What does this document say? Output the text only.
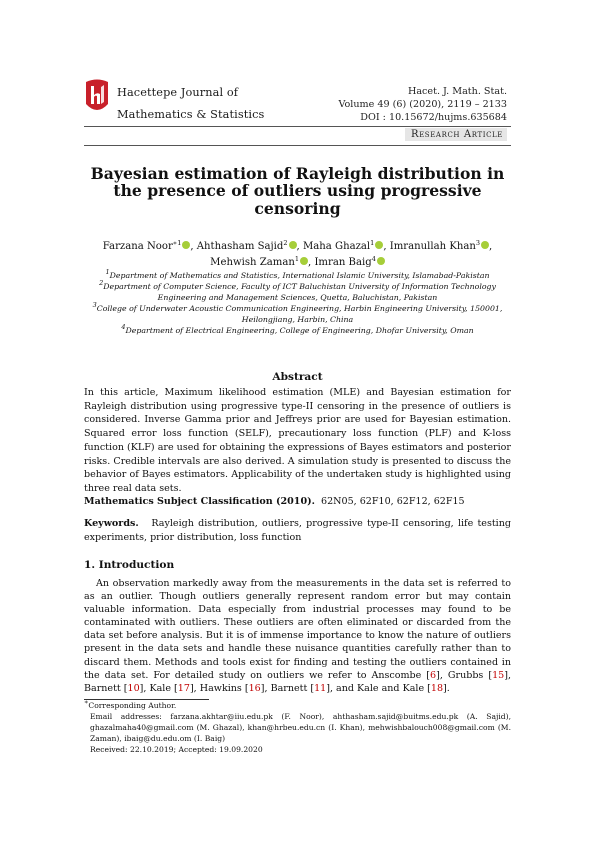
Hacettepe Journal of
Mathematics & Statistics
Hacet. J. Math. Stat.
Volume 49 (6) (2020), 2119 – 2133
DOI : 10.15672/hujms.635684
Research Article
Bayesian estimation of Rayleigh distribution in
the presence of outliers using progressive
censoring
Farzana Noor$^{∗1}$ , Ahthasham Sajid$^2$ , Maha Ghazal$^1$ , Imranullah Khan$^3$ ,
Mehwish Zaman$^1$ , Imran Baig$^4$

$^1$Department of Mathematics and Statistics, International Islamic University, Islamabad-Pakistan

$^2$Department of Computer Science, Faculty of ICT Baluchistan University of Information Technology

Engineering and Management Sciences, Quetta, Baluchistan, Pakistan

$^3$College of Underwater Acoustic Communication Engineering, Harbin Engineering University, 150001,

Heilongjiang, Harbin, China

$^4$Department of Electrical Engineering, College of Engineering, Dhofar University, Oman

Abstract
In this article, Maximum likelihood estimation (MLE) and Bayesian estimation for Rayleigh distribution using progressive type-II censoring in the presence of outliers is considered. Inverse Gamma prior and Jeffreys prior are used for Bayesian estimation. Squared error loss function (SELF), precautionary loss function (PLF) and K-loss function (KLF) are used for obtaining the expressions of Bayes estimators and posterior risks. Credible intervals are also derived. A simulation study is presented to discuss the behavior of Bayes estimators. Applicability of the undertaken study is highlighted using three real data sets.
Mathematics Subject Classification (2010). 62N05, 62F10, 62F12, 62F15
Keywords. Rayleigh distribution, outliers, progressive type-II censoring, life testing experiments, prior distribution, loss function
1. Introduction
An observation markedly away from the measurements in the data set is referred to as an outlier. Though outliers generally represent random error but may contain valuable information. Data especially from industrial processes may found to be contaminated with outliers. These outliers are often eliminated or discarded from the data set before analysis. But it is of immense importance to know the nature of outliers present in the data sets and handle these nuisance quantities carefully rather than to discard them. Methods and tools exist for finding and testing the outliers contained in the data set. For detailed study on outliers we refer to Anscombe [6], Grubbs [15], Barnett [10], Kale [17], Hawkins [16], Barnett [11], and Kale and Kale [18].

∗Corresponding Author.

Email addresses: farzana.akhtar@iiu.edu.pk (F. Noor), ahthasham.sajid@buitms.edu.pk (A. Sajid), ghazalmaha40@gmail.com (M. Ghazal), khan@hrbeu.edu.cn (I. Khan), mehwishbalouch008@gmail.com (M. Zaman), ibaig@du.edu.om (I. Baig)

Received: 22.10.2019; Accepted: 19.09.2020
